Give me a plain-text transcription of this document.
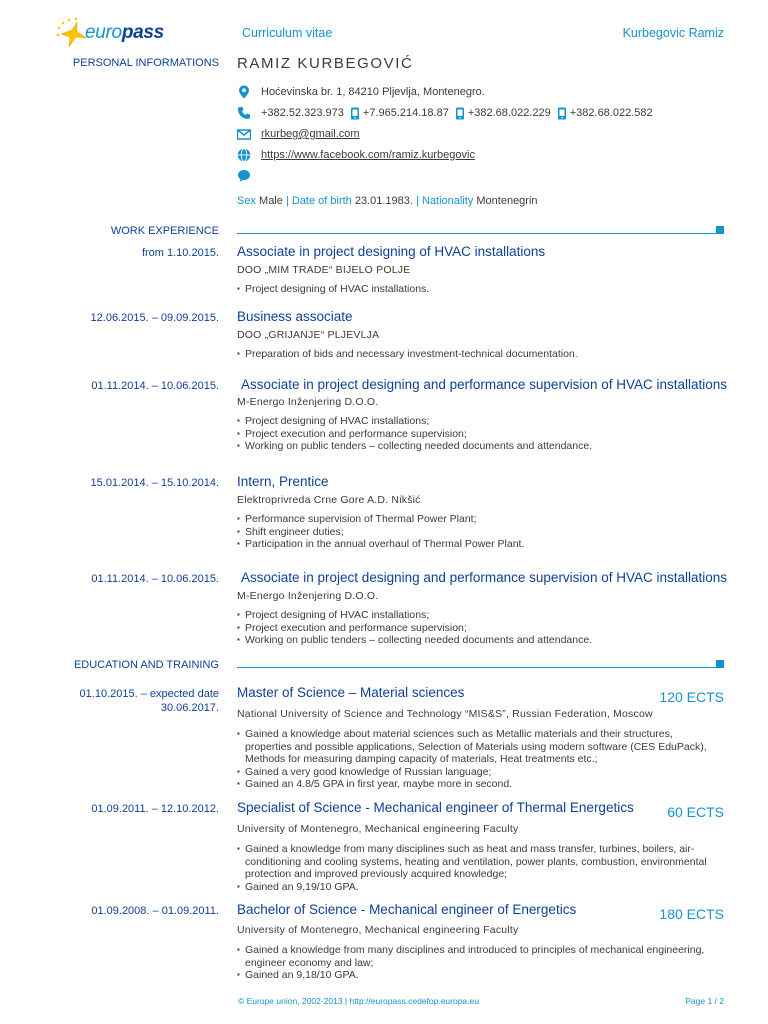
europass	Curriculum vitae	Kurbegovic Ramiz
PERSONAL INFORMATIONS RAMIZ KURBEGOVIĆ
Hoćevinska br. 1, 84210 Pljevlja, Montenegro.
+382.52.323.973 +7.965.214.18.87 +382.68.022.229 +382.68.022.582
rkurbeg@gmail.com
https://www.facebook.com/ramiz.kurbegovic
Sex Male | Date of birth 23.01.1983. | Nationality Montenegrin
WORK EXPERIENCE
from 1.10.2015. Associate in project designing of HVAC installations
DOO „MIM TRADE“ BIJELO POLJE
▪ Project designing of HVAC installations.
12.06.2015. – 09.09.2015. Business associate
DOO „GRIJANJE“ PLJEVLJA
▪ Preparation of bids and necessary investment-technical documentation.
01.11.2014. – 10.06.2015. Associate in project designing and performance supervision of HVAC installations
M-Energo Inženjering D.O.O.
▪ Project designing of HVAC installations;
▪ Project execution and performance supervision;
▪ Working on public tenders – collecting needed documents and attendance.
15.01.2014. – 15.10.2014. Intern, Prentice
Elektroprivreda Crne Gore A.D. Nikšić
▪ Performance supervision of Thermal Power Plant;
▪ Shift engineer duties;
▪ Participation in the annual overhaul of Thermal Power Plant.
01.11.2014. – 10.06.2015. Associate in project designing and performance supervision of HVAC installations
M-Energo Inženjering D.O.O.
▪ Project designing of HVAC installations;
▪ Project execution and performance supervision;
▪ Working on public tenders – collecting needed documents and attendance.
EDUCATION AND TRAINING
01.10.2015. – expected date
30.06.2017.
Master of Science – Material sciences	120 ECTS
National University of Science and Technology “MIS&S”, Russian Federation, Moscow
▪ Gained a knowledge about material sciences such as Metallic materials and their structures, properties and possible applications, Selection of Materials using modern software (CES EduPack), Methods for measuring damping capacity of materials, Heat treatments etc.;
▪ Gained a very good knowledge of Russian language;
▪ Gained an 4.8/5 GPA in first year, maybe more in second.
01.09.2011. – 12.10.2012. Specialist of Science - Mechanical engineer of Thermal Energetics 60 ECTS
University of Montenegro, Mechanical engineering Faculty
▪ Gained a knowledge from many disciplines such as heat and mass transfer, turbines, boilers, air-conditioning and cooling systems, heating and ventilation, power plants, combustion, environmental protection and improved previously acquired knowledge;
▪ Gained an 9,19/10 GPA.
01.09.2008. – 01.09.2011. Bachelor of Science - Mechanical engineer of Energetics	180 ECTS
University of Montenegro, Mechanical engineering Faculty
▪ Gained a knowledge from many disciplines and introduced to principles of mechanical engineering, engineer economy and law;
▪ Gained an 9,18/10 GPA.
© Europe union, 2002-2013 | http://europass.cedefop.europa.eu	Page 1 / 2
